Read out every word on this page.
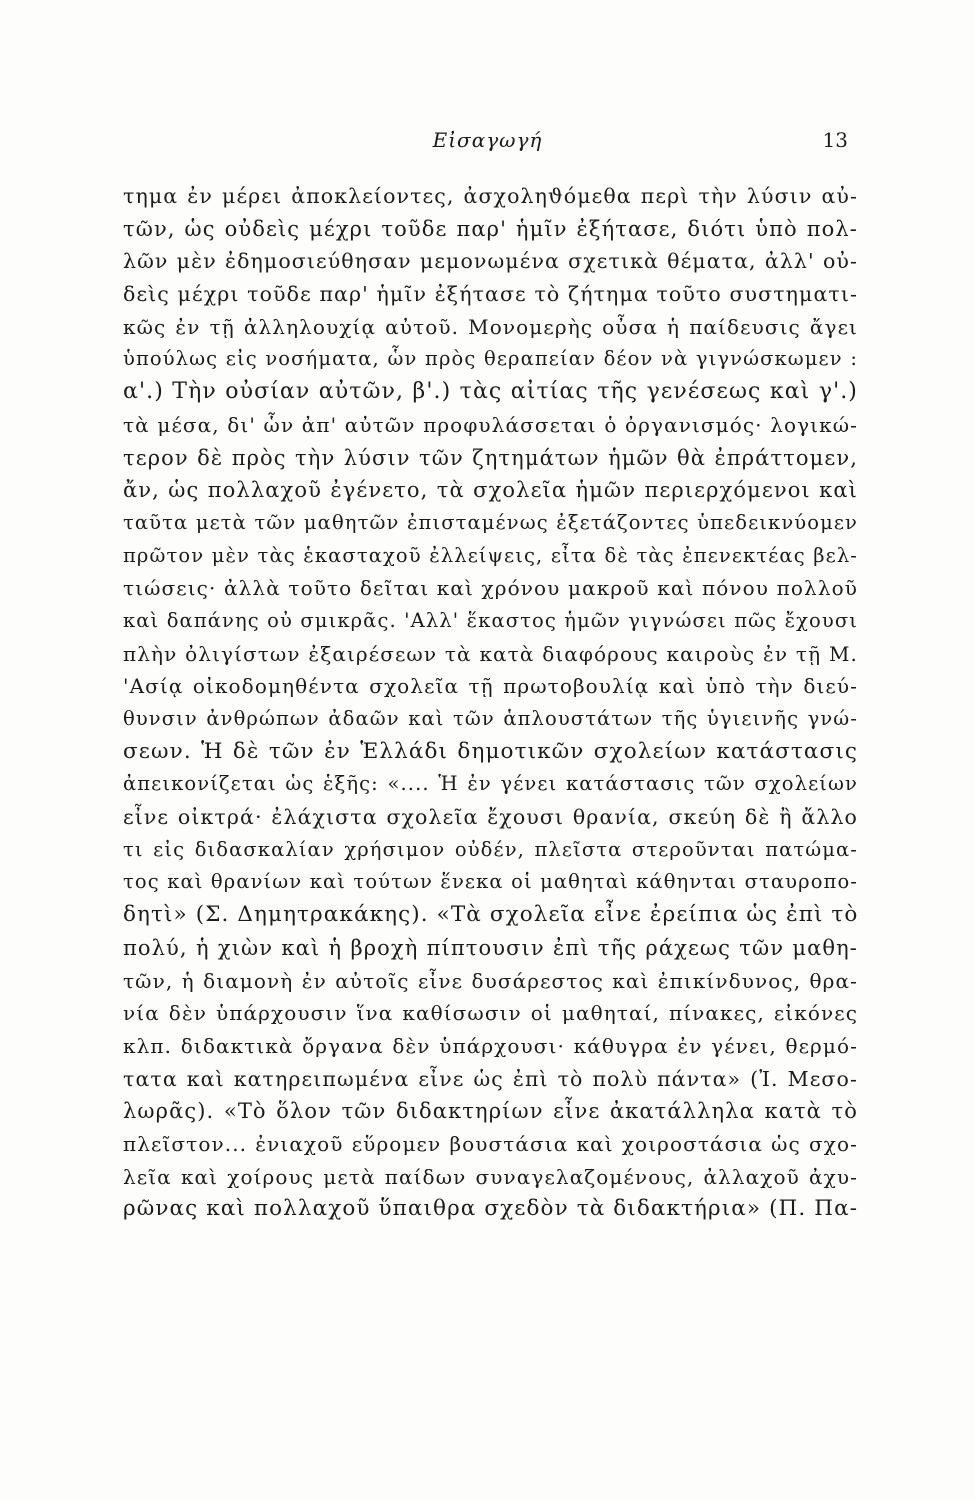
Εἰσαγωγή	13
τημα ἐν μέρει ἀποκλείοντες, ἀσχοληϑόμεθα περὶ τὴν λύσιν αὐ-
τῶν, ὡς οὐδεὶς μέχρι τοῦδε παρ' ἡμῖν ἐξήτασε, διότι ὑπὸ πολ-
λῶν μὲν ἐδημοσιεύθησαν μεμονωμένα σχετικὰ θέματα, ἀλλ' οὐ-
δεὶς μέχρι τοῦδε παρ' ἡμῖν ἐξήτασε τὸ ζήτημα τοῦτο συστηματι-
κῶς ἐν τῇ ἀλληλουχίᾳ αὐτοῦ. Μονομερὴς οὖσα ἡ παίδευσις ἄγει
ὑπούλως εἰς νοσήματα, ὧν πρὸς θεραπείαν δέον νὰ γιγνώσκωμεν :
α'.) Τὴν οὐσίαν αὐτῶν, β'.) τὰς αἰτίας τῆς γενέσεως καὶ γ'.)
τὰ μέσα, δι' ὧν ἀπ' αὐτῶν προφυλάσσεται ὁ ὀργανισμός· λογικώ-
τερον δὲ πρὸς τὴν λύσιν τῶν ζητημάτων ἡμῶν θὰ ἐπράττομεν,
ἄν, ὡς πολλαχοῦ ἐγένετο, τὰ σχολεῖα ἡμῶν περιερχόμενοι καὶ
ταῦτα μετὰ τῶν μαθητῶν ἐπισταμένως ἐξετάζοντες ὑπεδεικνύομεν
πρῶτον μὲν τὰς ἑκασταχοῦ ἐλλείψεις, εἶτα δὲ τὰς ἐπενεκτέας βελ-
τιώσεις· ἀλλὰ τοῦτο δεῖται καὶ χρόνου μακροῦ καὶ πόνου πολλοῦ
καὶ δαπάνης οὐ σμικρᾶς. 'Αλλ' ἕκαστος ἡμῶν γιγνώσει πῶς ἔχουσι
πλὴν ὀλιγίστων ἐξαιρέσεων τὰ κατὰ διαφόρους καιροὺς ἐν τῇ Μ.
'Ασίᾳ οἰκοδομηθέντα σχολεῖα τῇ πρωτοβουλίᾳ καὶ ὑπὸ τὴν διεύ-
θυνσιν ἀνθρώπων ἀδαῶν καὶ τῶν ἁπλουστάτων τῆς ὑγιεινῆς γνώ-
σεων. Ἡ δὲ τῶν ἐν Ἑλλάδι δημοτικῶν σχολείων κατάστασις
ἀπεικονίζεται ὡς ἑξῆς: «.... Ἡ ἐν γένει κατάστασις τῶν σχολείων
εἶνε οἰκτρά· ἐλάχιστα σχολεῖα ἔχουσι θρανία, σκεύη δὲ ἢ ἄλλο
τι εἰς διδασκαλίαν χρήσιμον οὐδέν, πλεῖστα στεροῦνται πατώμα-
τος καὶ θρανίων καὶ τούτων ἕνεκα οἱ μαθηταὶ κάθηνται σταυροπο-
δητὶ» (Σ. Δημητρακάκης). «Τὰ σχολεῖα εἶνε ἐρείπια ὡς ἐπὶ τὸ
πολύ, ἡ χιὼν καὶ ἡ βροχὴ πίπτουσιν ἐπὶ τῆς ράχεως τῶν μαθη-
τῶν, ἡ διαμονὴ ἐν αὐτοῖς εἶνε δυσάρεστος καὶ ἐπικίνδυνος, θρα-
νία δὲν ὑπάρχουσιν ἵνα καθίσωσιν οἱ μαθηταί, πίνακες, εἰκόνες
κλπ. διδακτικὰ ὄργανα δὲν ὑπάρχουσι· κάθυγρα ἐν γένει, θερμό-
τατα καὶ κατηρειπωμένα εἶνε ὡς ἐπὶ τὸ πολὺ πάντα» (Ἰ. Μεσο-
λωρᾶς). «Τὸ ὅλον τῶν διδακτηρίων εἶνε ἀκατάλληλα κατὰ τὸ
πλεῖστον... ἐνιαχοῦ εὕρομεν βουστάσια καὶ χοιροστάσια ὡς σχο-
λεῖα καὶ χοίρους μετὰ παίδων συναγελαζομένους, ἀλλαχοῦ ἀχυ-
ρῶνας καὶ πολλαχοῦ ὕπαιθρα σχεδὸν τὰ διδακτήρια» (Π. Πα-
